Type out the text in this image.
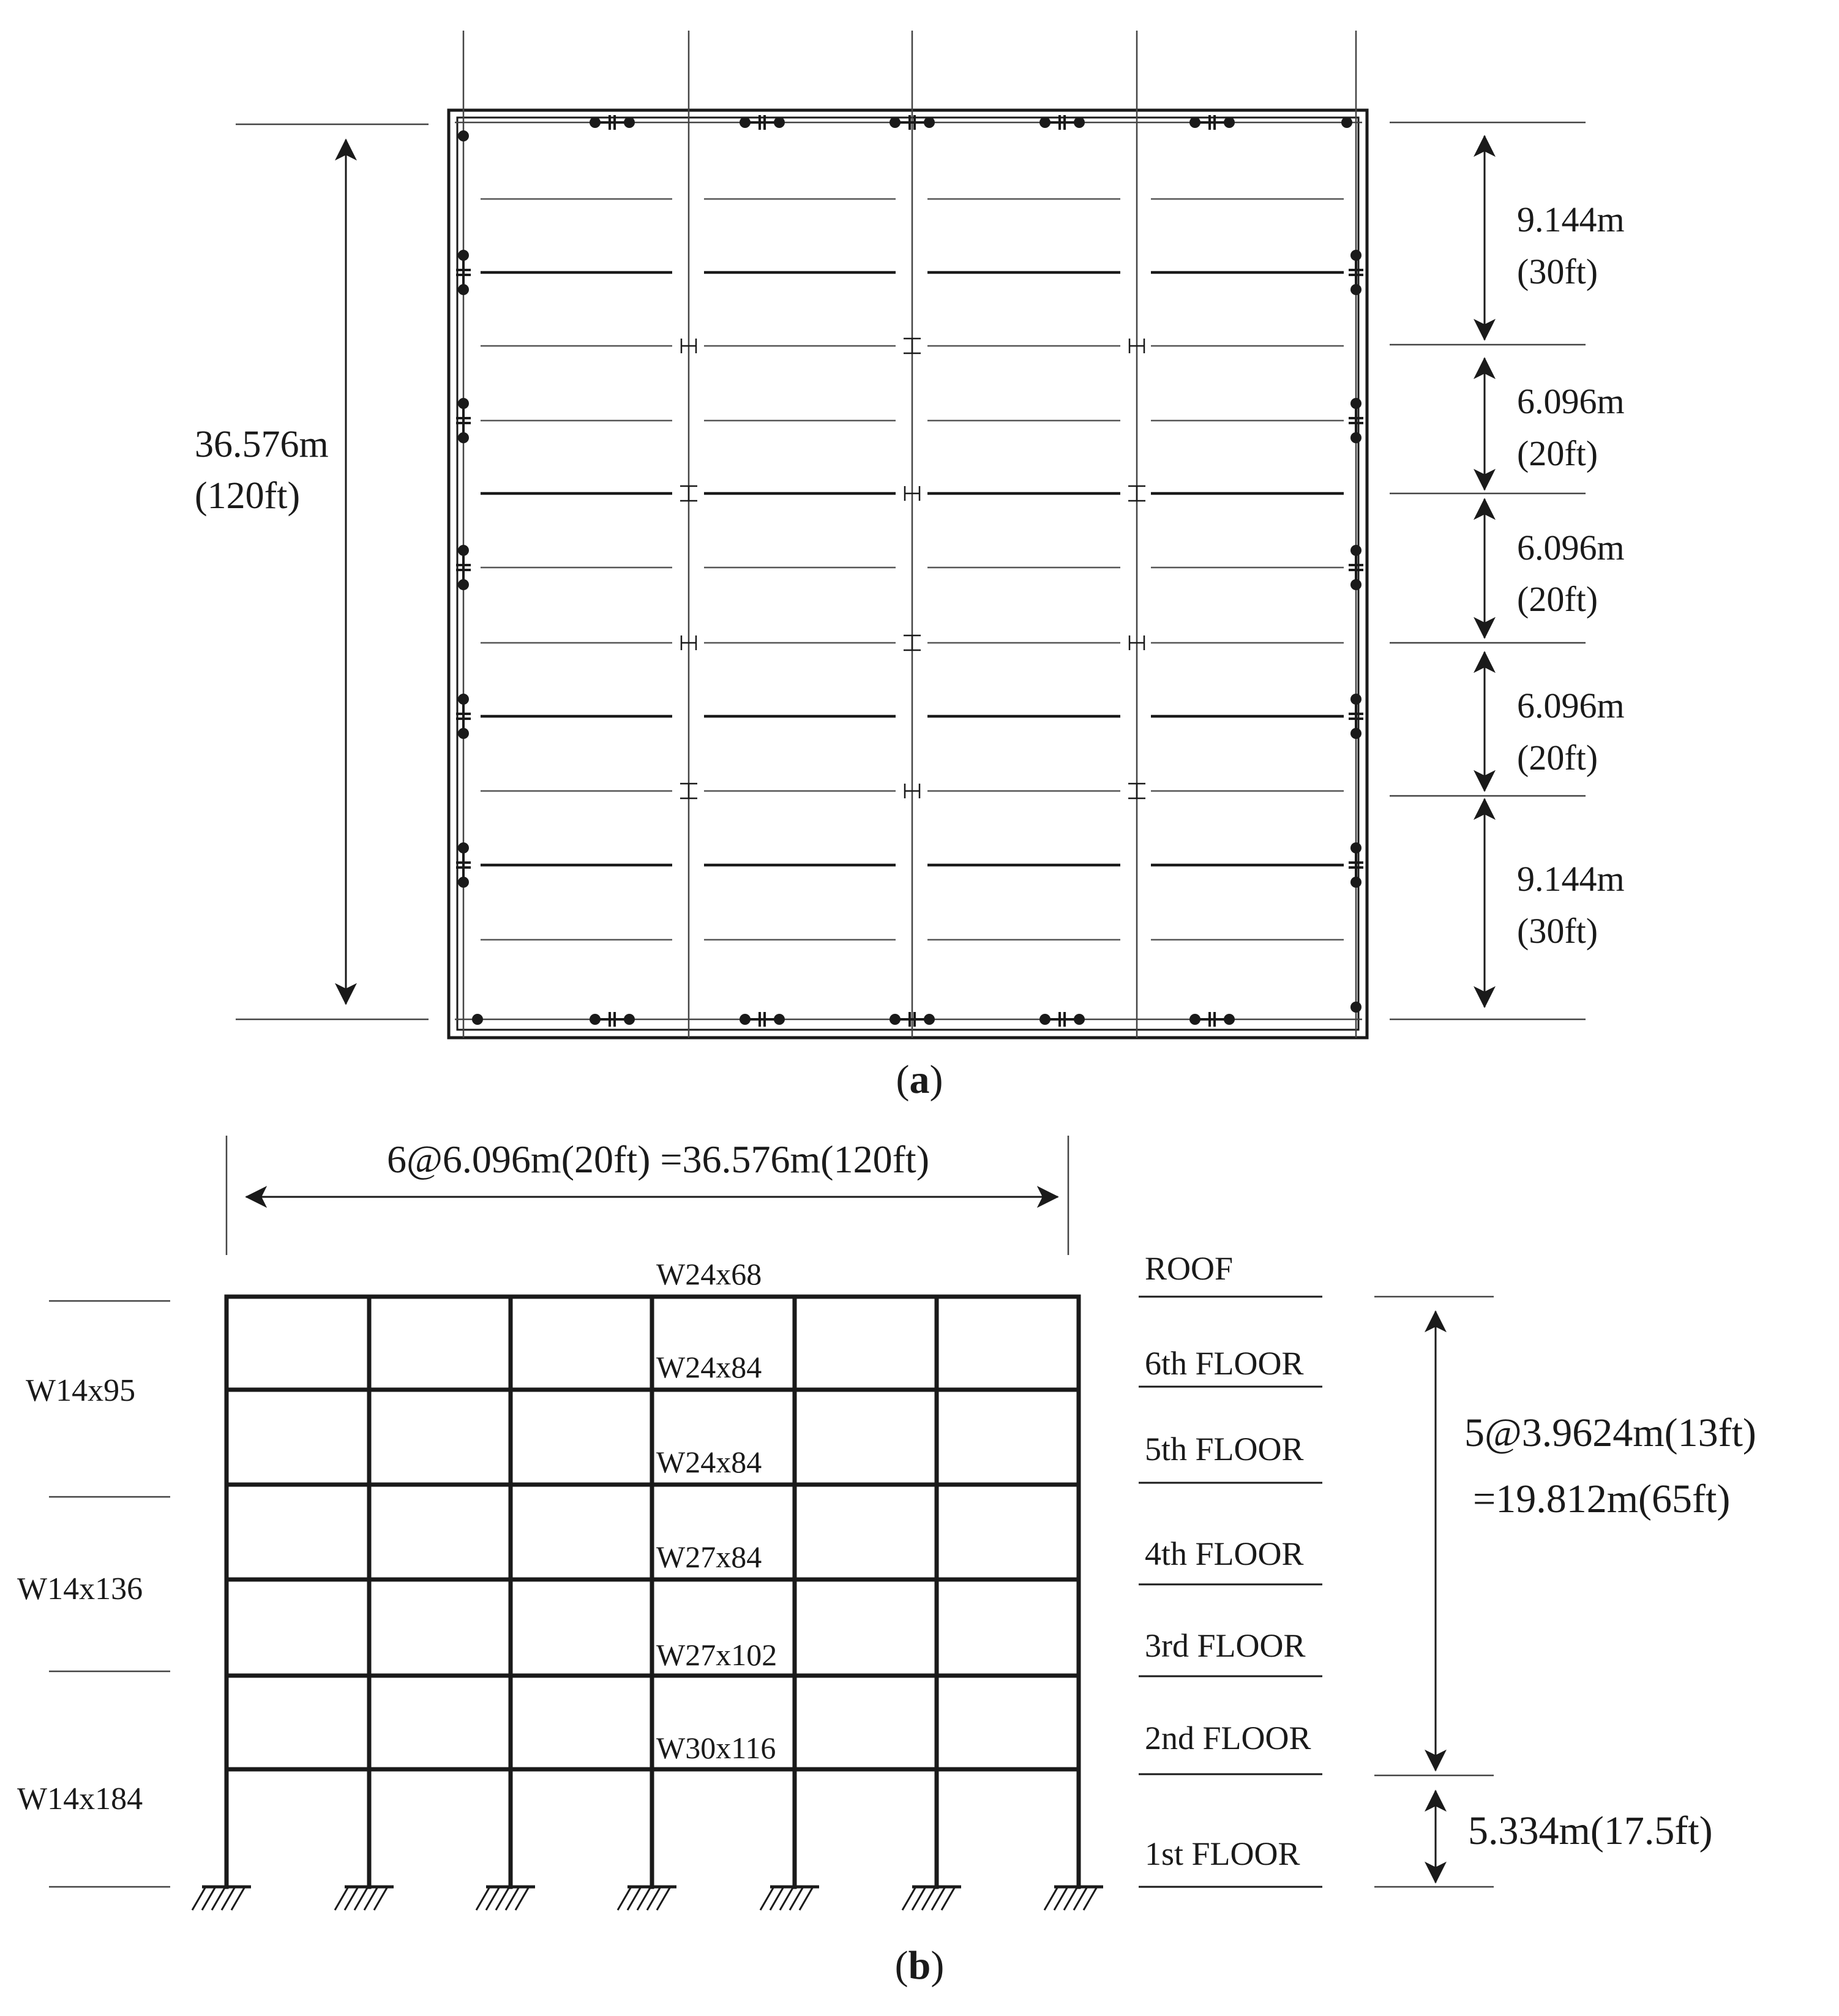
36.576m
(120ft)
9.144m
(30ft)
6.096m
(20ft)
6.096m
(20ft)
6.096m
(20ft)
9.144m
(30ft)
(a)
6@6.096m(20ft) =36.576m(120ft)
W24x68
W24x84
W24x84
W27x84
W27x102
W30x116
W14x95
W14x136
W14x184
ROOF
6th FLOOR
5th FLOOR
4th FLOOR
3rd FLOOR
2nd FLOOR
1st FLOOR
5@3.9624m(13ft)
=19.812m(65ft)
5.334m(17.5ft)
(b)
